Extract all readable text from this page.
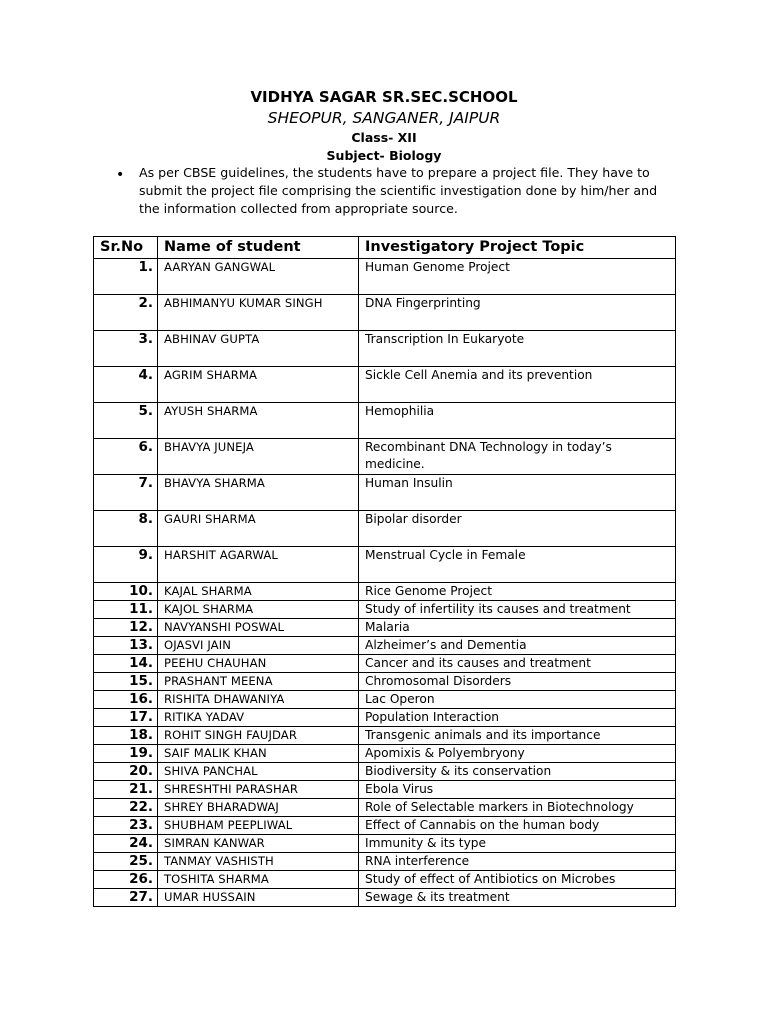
VIDHYA SAGAR SR.SEC.SCHOOL
SHEOPUR, SANGANER, JAIPUR
Class- XII
Subject- Biology
• As per CBSE guidelines, the students have to prepare a project file. They have to submit the project file comprising the scientific investigation done by him/her and the information collected from appropriate source.
Sr.No	Name of student	Investigatory Project Topic
1.	AARYAN GANGWAL	Human Genome Project
2.	ABHIMANYU KUMAR SINGH	DNA Fingerprinting
3.	ABHINAV GUPTA	Transcription In Eukaryote
4.	AGRIM SHARMA	Sickle Cell Anemia and its prevention
5.	AYUSH SHARMA	Hemophilia
6.	BHAVYA JUNEJA	Recombinant DNA Technology in today’s medicine.
7.	BHAVYA SHARMA	Human Insulin
8.	GAURI SHARMA	Bipolar disorder
9.	HARSHIT AGARWAL	Menstrual Cycle in Female
10.	KAJAL SHARMA	Rice Genome Project
11.	KAJOL SHARMA	Study of infertility its causes and treatment
12.	NAVYANSHI POSWAL	Malaria
13.	OJASVI JAIN	Alzheimer’s and Dementia
14.	PEEHU CHAUHAN	Cancer and its causes and treatment
15.	PRASHANT MEENA	Chromosomal Disorders
16.	RISHITA DHAWANIYA	Lac Operon
17.	RITIKA YADAV	Population Interaction
18.	ROHIT SINGH FAUJDAR	Transgenic animals and its importance
19.	SAIF MALIK KHAN	Apomixis & Polyembryony
20.	SHIVA PANCHAL	Biodiversity & its conservation
21.	SHRESHTHI PARASHAR	Ebola Virus
22.	SHREY BHARADWAJ	Role of Selectable markers in Biotechnology
23.	SHUBHAM PEEPLIWAL	Effect of Cannabis on the human body
24.	SIMRAN KANWAR	Immunity & its type
25.	TANMAY VASHISTH	RNA interference
26.	TOSHITA SHARMA	Study of effect of Antibiotics on Microbes
27.	UMAR HUSSAIN	Sewage & its treatment
